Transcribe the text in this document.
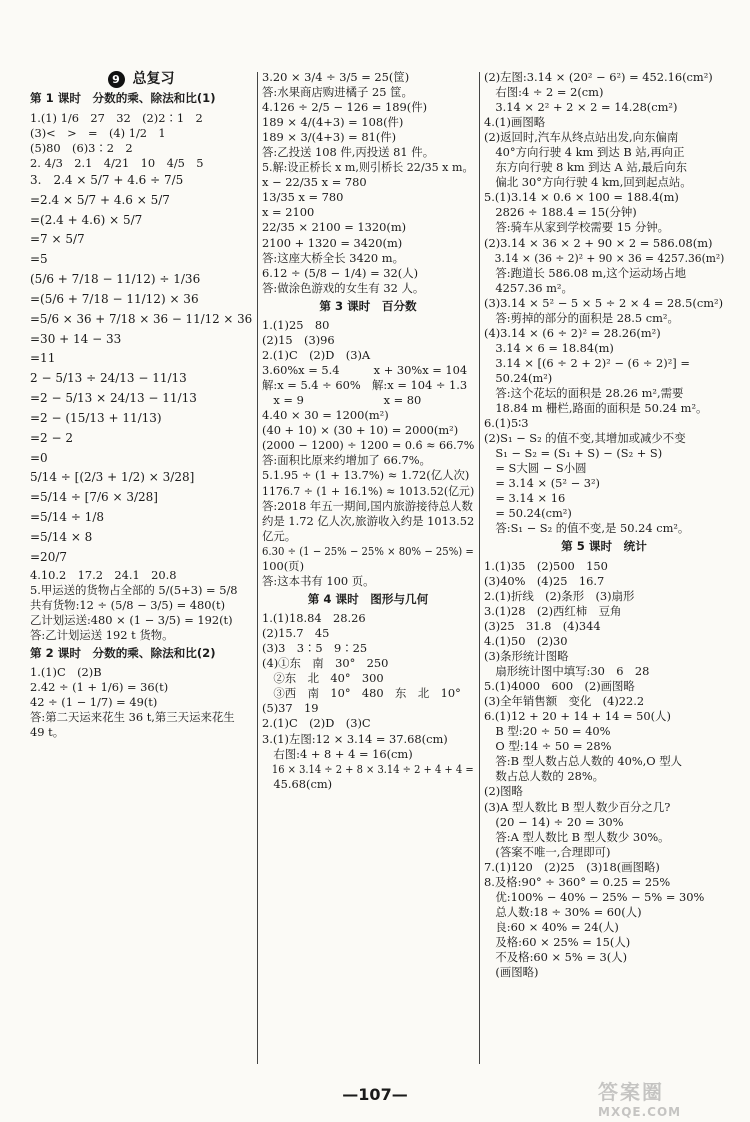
9 总复习
第 1 课时　分数的乘、除法和比(1)
1.(1) 1/6　27　32　(2)2∶1　2
(3)<　>　=　(4) 1/2　1
(5)80　(6)3∶2　2
2. 4/3　2.1　4/21　10　4/5　5
3.　2.4 × 5/7 + 4.6 ÷ 7/5
=2.4 × 5/7 + 4.6 × 5/7
=(2.4 + 4.6) × 5/7
=7 × 5/7
=5
(5/6 + 7/18 − 11/12) ÷ 1/36
=(5/6 + 7/18 − 11/12) × 36
=5/6 × 36 + 7/18 × 36 − 11/12 × 36
=30 + 14 − 33
=11
2 − 5/13 ÷ 24/13 − 11/13
=2 − 5/13 × 24/13 − 11/13
=2 − (15/13 + 11/13)
=2 − 2
=0
5/14 ÷ [(2/3 + 1/2) × 3/28]
=5/14 ÷ [7/6 × 3/28]
=5/14 ÷ 1/8
=5/14 × 8
=20/7
4.10.2　17.2　24.1　20.8
5.甲运送的货物占全部的 5/(5+3) = 5/8
共有货物:12 ÷ (5/8 − 3/5) = 480(t)
乙计划运送:480 × (1 − 3/5) = 192(t)
答:乙计划运送 192 t 货物。
第 2 课时　分数的乘、除法和比(2)
1.(1)C　(2)B
2.42 ÷ (1 + 1/6) = 36(t)
42 ÷ (1 − 1/7) = 49(t)
答:第二天运来花生 36 t,第三天运来花生
49 t。
3.20 × 3/4 ÷ 3/5 = 25(筐)
答:水果商店购进橘子 25 筐。
4.126 ÷ 2/5 − 126 = 189(件)
189 × 4/(4+3) = 108(件)
189 × 3/(4+3) = 81(件)
答:乙投送 108 件,丙投送 81 件。
5.解:设正桥长 x m,则引桥长 22/35 x m。
x − 22/35 x = 780
13/35 x = 780
x = 2100
22/35 × 2100 = 1320(m)
2100 + 1320 = 3420(m)
答:这座大桥全长 3420 m。
6.12 ÷ (5/8 − 1/4) = 32(人)
答:做涂色游戏的女生有 32 人。
第 3 课时　百分数
1.(1)25　80
(2)15　(3)96
2.(1)C　(2)D　(3)A
3.60%x = 5.4　　　x + 30%x = 104
解:x = 5.4 ÷ 60%　解:x = 104 ÷ 1.3
　x = 9　　　　　　　x = 80
4.40 × 30 = 1200(m²)
(40 + 10) × (30 + 10) = 2000(m²)
(2000 − 1200) ÷ 1200 = 0.6̇ ≈ 66.7%
答:面积比原来约增加了 66.7%。
5.1.95 ÷ (1 + 13.7%) ≈ 1.72(亿人次)
1176.7 ÷ (1 + 16.1%) ≈ 1013.52(亿元)
答:2018 年五一期间,国内旅游接待总人数
约是 1.72 亿人次,旅游收入约是 1013.52
亿元。
6.30 ÷ (1 − 25% − 25% × 80% − 25%) =
100(页)
答:这本书有 100 页。
第 4 课时　图形与几何
1.(1)18.84　28.26
(2)15.7　45
(3)3　3∶5　9∶25
(4)①东　南　30°　250
　②东　北　40°　300
　③西　南　10°　480　东　北　10°
(5)37　19
2.(1)C　(2)D　(3)C
3.(1)左图:12 × 3.14 = 37.68(cm)
　右图:4 + 8 + 4 = 16(cm)
　16 × 3.14 ÷ 2 + 8 × 3.14 ÷ 2 + 4 + 4 =
　45.68(cm)
(2)左图:3.14 × (20² − 6²) = 452.16(cm²)
　右图:4 ÷ 2 = 2(cm)
　3.14 × 2² + 2 × 2 = 14.28(cm²)
4.(1)画图略
(2)返回时,汽车从终点站出发,向东偏南
　40°方向行驶 4 km 到达 B 站,再向正
　东方向行驶 8 km 到达 A 站,最后向东
　偏北 30°方向行驶 4 km,回到起点站。
5.(1)3.14 × 0.6 × 100 = 188.4(m)
　2826 ÷ 188.4 = 15(分钟)
　答:骑车从家到学校需要 15 分钟。
(2)3.14 × 36 × 2 + 90 × 2 = 586.08(m)
　3.14 × (36 ÷ 2)² + 90 × 36 = 4257.36(m²)
　答:跑道长 586.08 m,这个运动场占地
　4257.36 m²。
(3)3.14 × 5² − 5 × 5 ÷ 2 × 4 = 28.5(cm²)
　答:剪掉的部分的面积是 28.5 cm²。
(4)3.14 × (6 ÷ 2)² = 28.26(m²)
　3.14 × 6 = 18.84(m)
　3.14 × [(6 ÷ 2 + 2)² − (6 ÷ 2)²] =
　50.24(m²)
　答:这个花坛的面积是 28.26 m²,需要
　18.84 m 栅栏,路面的面积是 50.24 m²。
6.(1)5∶3
(2)S₁ − S₂ 的值不变,其增加或减少不变
　S₁ − S₂ = (S₁ + S) − (S₂ + S)
　= S大圆 − S小圆
　= 3.14 × (5² − 3²)
　= 3.14 × 16
　= 50.24(cm²)
　答:S₁ − S₂ 的值不变,是 50.24 cm²。
第 5 课时　统计
1.(1)35　(2)500　150
(3)40%　(4)25　16.7
2.(1)折线　(2)条形　(3)扇形
3.(1)28　(2)西红柿　豆角
(3)25　31.8　(4)344
4.(1)50　(2)30
(3)条形统计图略
　扇形统计图中填写:30　6　28
5.(1)4000　600　(2)画图略
(3)全年销售额　变化　(4)22.2
6.(1)12 + 20 + 14 + 14 = 50(人)
　B 型:20 ÷ 50 = 40%
　O 型:14 ÷ 50 = 28%
　答:B 型人数占总人数的 40%,O 型人
　数占总人数的 28%。
(2)图略
(3)A 型人数比 B 型人数少百分之几?
　(20 − 14) ÷ 20 = 30%
　答:A 型人数比 B 型人数少 30%。
　(答案不唯一,合理即可)
7.(1)120　(2)25　(3)18(画图略)
8.及格:90° ÷ 360° = 0.25 = 25%
　优:100% − 40% − 25% − 5% = 30%
　总人数:18 ÷ 30% = 60(人)
　良:60 × 40% = 24(人)
　及格:60 × 25% = 15(人)
　不及格:60 × 5% = 3(人)
　(画图略)
—107—	答案圈
MXQE.COM
